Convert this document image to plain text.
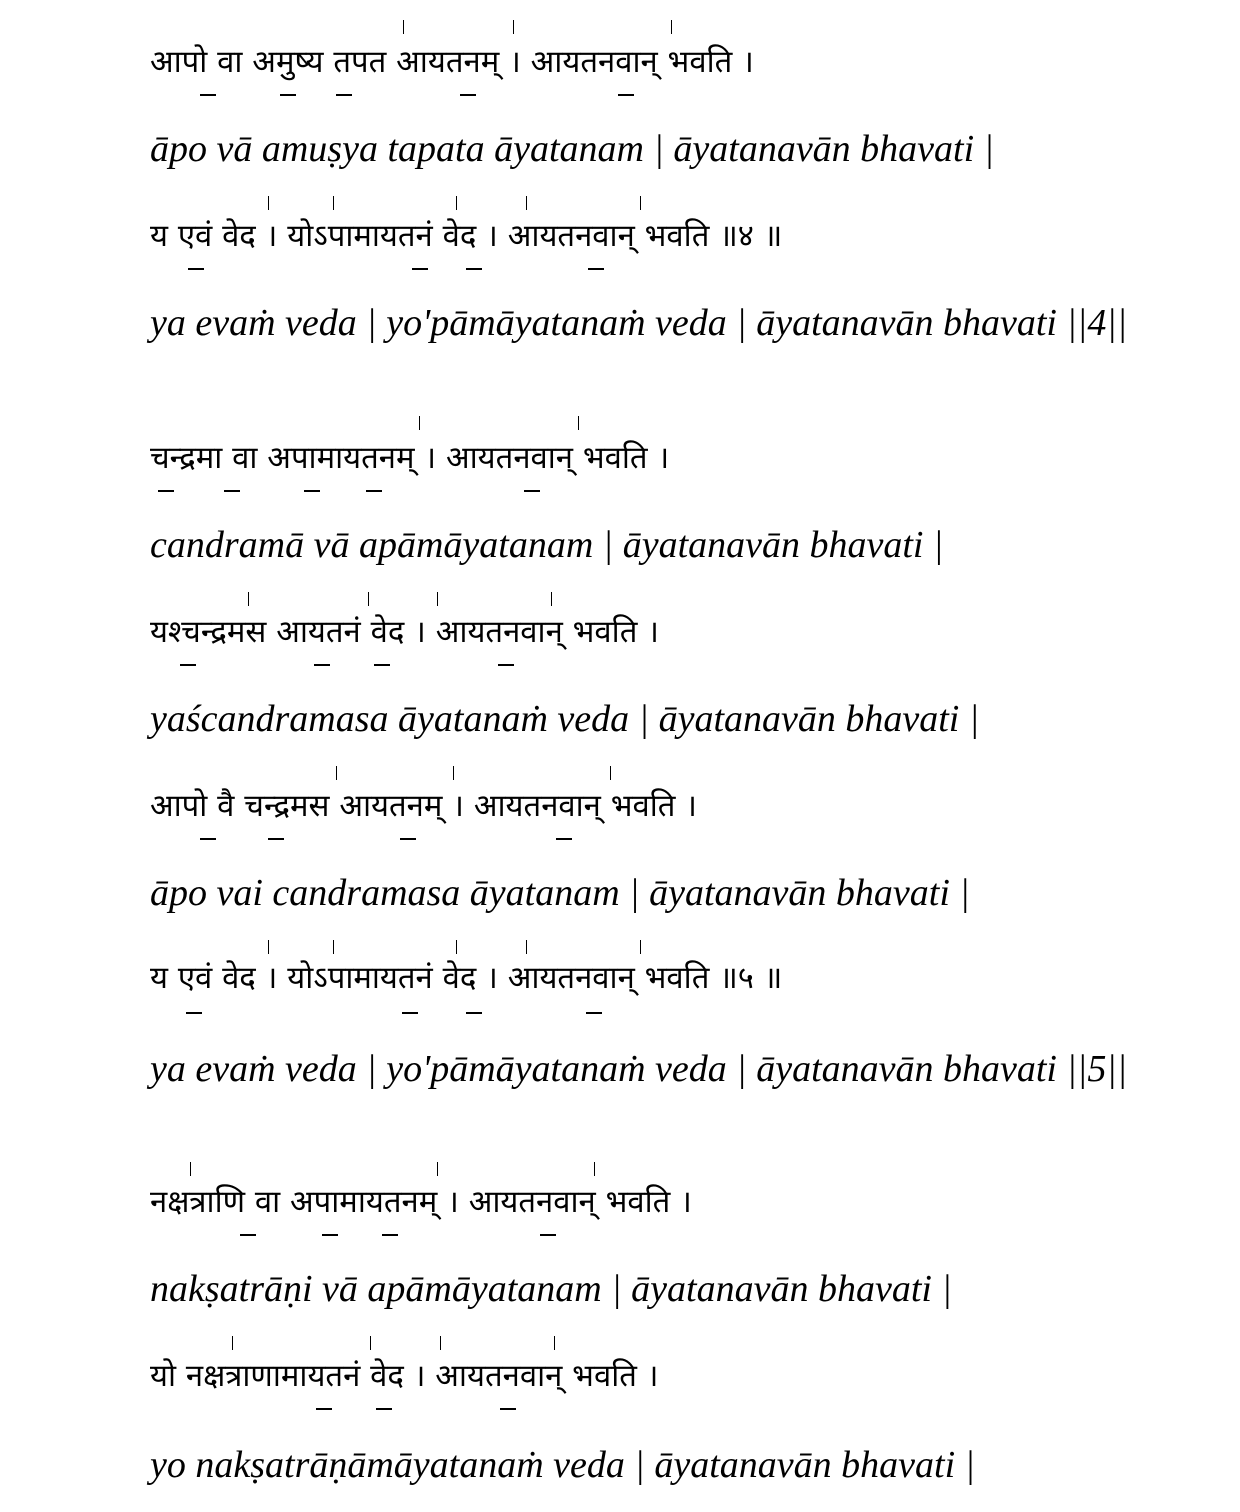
आपो वा अमुष्य तपत आयतनम् । आयतनवान् भवति ।
āpo vā amuṣya tapata āyatanam | āyatanavān bhavati |
य एवं वेद । योऽपामायतनं वेद । आयतनवान् भवति ॥४ ॥
ya evaṁ veda | yo'pāmāyatanaṁ veda | āyatanavān bhavati ||4||
चन्द्रमा वा अपामायतनम् । आयतनवान् भवति ।
candramā vā apāmāyatanam | āyatanavān bhavati |
यश्चन्द्रमस आयतनं वेद । आयतनवान् भवति ।
yaścandramasa āyatanaṁ veda | āyatanavān bhavati |
आपो वै चन्द्रमस आयतनम् । आयतनवान् भवति ।
āpo vai candramasa āyatanam | āyatanavān bhavati |
य एवं वेद । योऽपामायतनं वेद । आयतनवान् भवति ॥५ ॥
ya evaṁ veda | yo'pāmāyatanaṁ veda | āyatanavān bhavati ||5||
नक्षत्राणि वा अपामायतनम् । आयतनवान् भवति ।
nakṣatrāṇi vā apāmāyatanam | āyatanavān bhavati |
यो नक्षत्राणामायतनं वेद । आयतनवान् भवति ।
yo nakṣatrāṇāmāyatanaṁ veda | āyatanavān bhavati |
